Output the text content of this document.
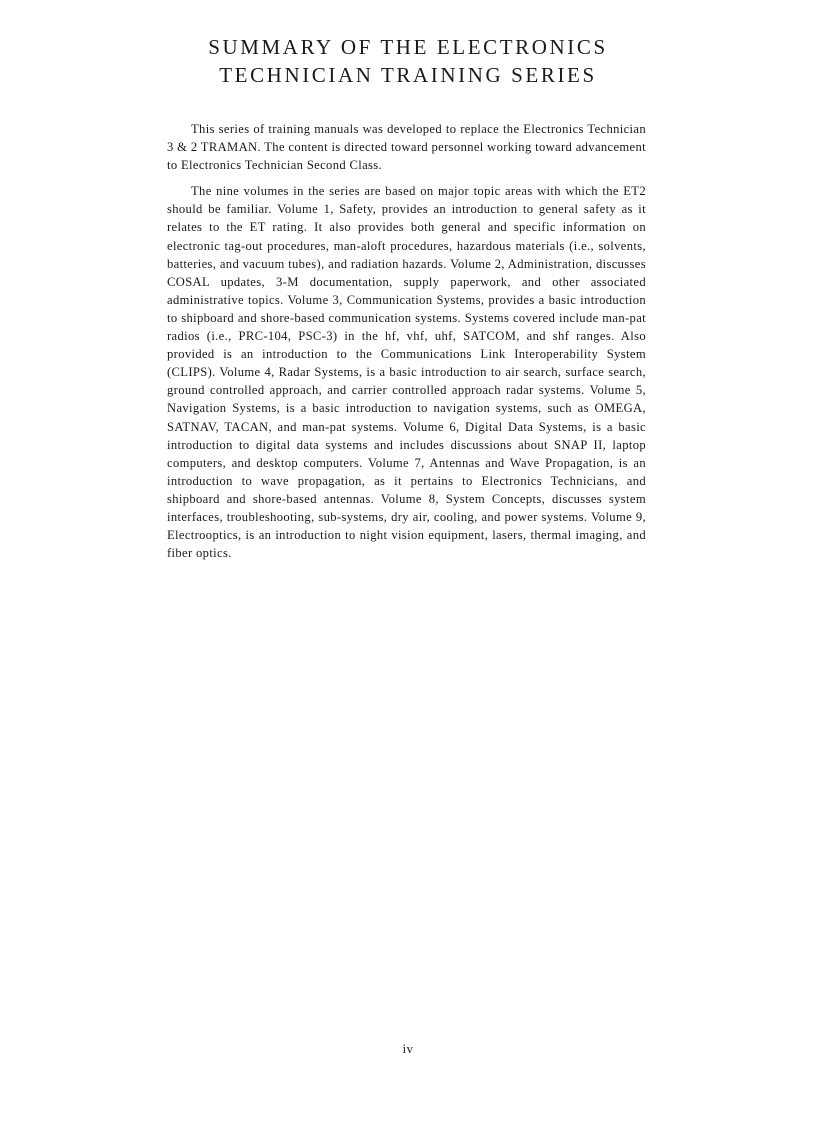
SUMMARY OF THE ELECTRONICS
TECHNICIAN TRAINING SERIES

This series of training manuals was developed to replace the Electronics Technician 3 & 2 TRAMAN. The content is directed toward personnel working toward advancement to Electronics Technician Second Class.

The nine volumes in the series are based on major topic areas with which the ET2 should be familiar. Volume 1, Safety, provides an introduction to general safety as it relates to the ET rating. It also provides both general and specific information on electronic tag-out procedures, man-aloft procedures, hazardous materials (i.e., solvents, batteries, and vacuum tubes), and radiation hazards. Volume 2, Administration, discusses COSAL updates, 3-M documentation, supply paperwork, and other associated administrative topics. Volume 3, Communication Systems, provides a basic introduction to shipboard and shore-based communication systems. Systems covered include man-pat radios (i.e., PRC-104, PSC-3) in the hf, vhf, uhf, SATCOM, and shf ranges. Also provided is an introduction to the Communications Link Interoperability System (CLIPS). Volume 4, Radar Systems, is a basic introduction to air search, surface search, ground controlled approach, and carrier controlled approach radar systems. Volume 5, Navigation Systems, is a basic introduction to navigation systems, such as OMEGA, SATNAV, TACAN, and man-pat systems. Volume 6, Digital Data Systems, is a basic introduction to digital data systems and includes discussions about SNAP II, laptop computers, and desktop computers. Volume 7, Antennas and Wave Propagation, is an introduction to wave propagation, as it pertains to Electronics Technicians, and shipboard and shore-based antennas. Volume 8, System Concepts, discusses system interfaces, troubleshooting, sub-systems, dry air, cooling, and power systems. Volume 9, Electrooptics, is an introduction to night vision equipment, lasers, thermal imaging, and fiber optics.

iv
